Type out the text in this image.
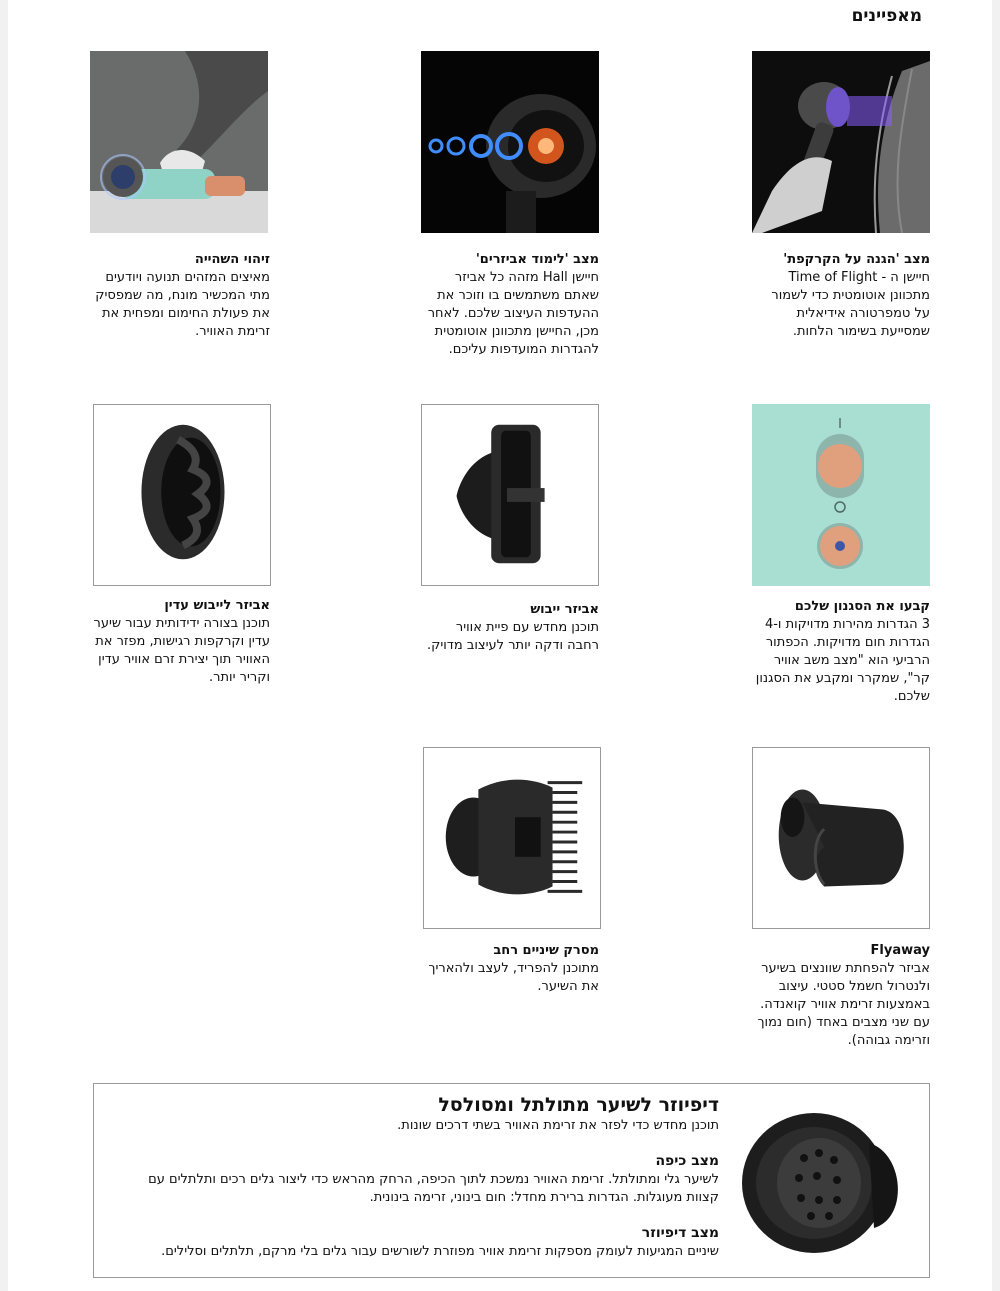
מאפיינים
מצב 'הגנה על הקרקפת'
חיישן ה - Time of Flight מתכוונן אוטומטית כדי לשמור על טמפרטורה אידיאלית שמסייעת בשימור הלחות.
מצב 'לימוד אביזרים'
חיישן Hall מזהה כל אביזר שאתם משתמשים בו וזוכר את ההעדפות העיצוב שלכם. לאחר מכן, החיישן מתכוונן אוטומטית להגדרות המועדפות עליכם.
זיהוי השהייה
מאיצים המזהים תנועה ויודעים מתי המכשיר מונח, מה שמפסיק את פעולת החימום ומפחית את זרימת האוויר.
קבעו את הסגנון שלכם
3 הגדרות מהירות מדויקות ו-4 הגדרות חום מדויקות. הכפתור הרביעי הוא "מצב משב אוויר קר", שמקרר ומקבע את הסגנון שלכם.
אביזר ייבוש
תוכנן מחדש עם פיית אוויר רחבה ודקה יותר לעיצוב מדויק.
אביזר לייבוש עדין
תוכנן בצורה ידידותית עבור שיער עדין וקרקפות רגישות, מפזר את האוויר תוך יצירת זרם אוויר עדין וקריר יותר.
Flyaway
אביזר להפחתת שוונצים בשיער ולנטרול חשמל סטטי. עיצוב באמצעות זרימת אוויר קואנדה. עם שני מצבים באחד (חום נמוך וזרימה גבוהה).
מסרק שיניים רחב
מתוכנן להפריד, לעצב ולהאריך את השיער.
דיפיוזר לשיער מתולתל ומסולסל
תוכנן מחדש כדי לפזר את זרימת האוויר בשתי דרכים שונות.
מצב כיפה
לשיער גלי ומתולתל. זרימת האוויר נמשכת לתוך הכיפה, הרחק מהראש כדי ליצור גלים רכים ותלתלים עם קצוות מעוגלות. הגדרות ברירת מחדל: חום בינוני, זרימה בינונית.
מצב דיפיוזר
שיניים המגיעות לעומק מספקות זרימת אוויר מפוזרת לשורשים עבור גלים בלי מרקם, תלתלים וסלילים.
